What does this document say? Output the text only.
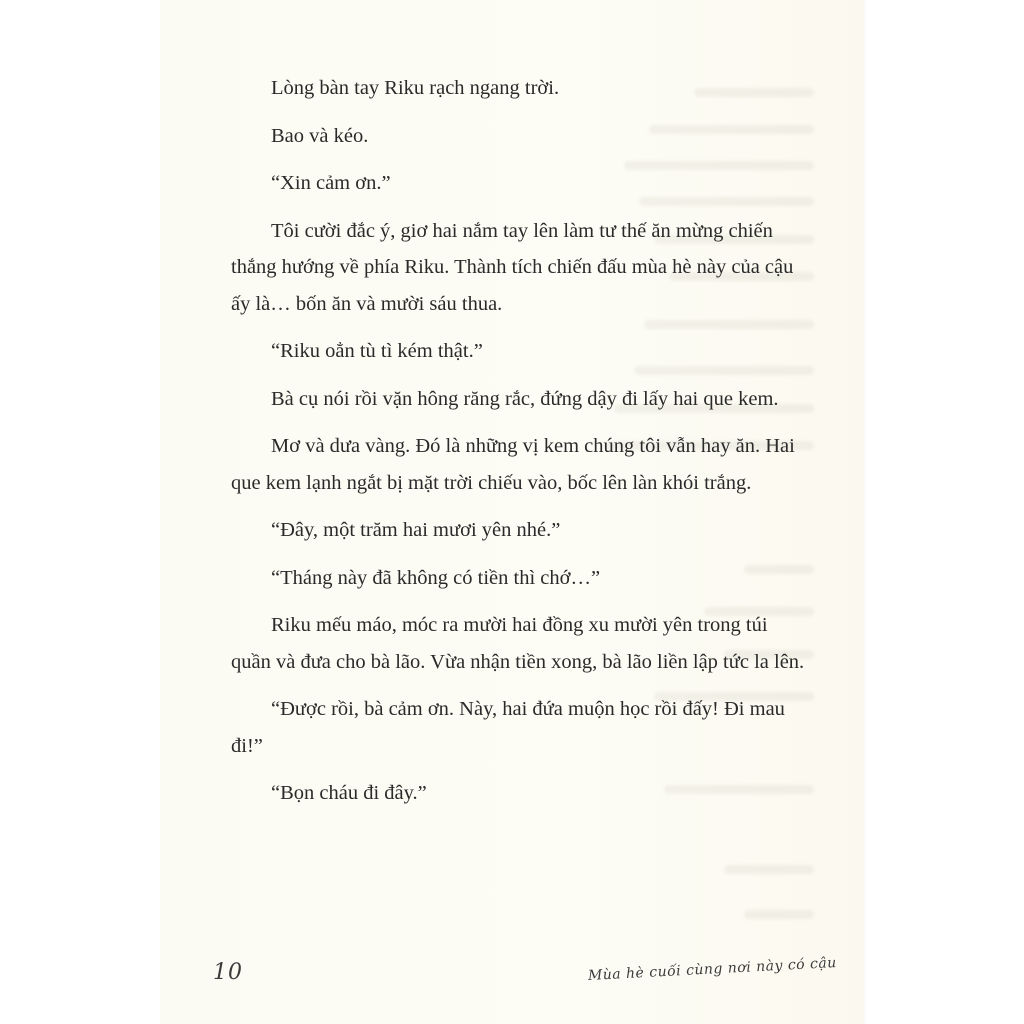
Lòng bàn tay Riku rạch ngang trời.

Bao và kéo.

“Xin cảm ơn.”

Tôi cười đắc ý, giơ hai nắm tay lên làm tư thế ăn mừng chiến thắng hướng về phía Riku. Thành tích chiến đấu mùa hè này của cậu ấy là… bốn ăn và mười sáu thua.

“Riku oẳn tù tì kém thật.”

Bà cụ nói rồi vặn hông răng rắc, đứng dậy đi lấy hai que kem.

Mơ và dưa vàng. Đó là những vị kem chúng tôi vẫn hay ăn. Hai que kem lạnh ngắt bị mặt trời chiếu vào, bốc lên làn khói trắng.

“Đây, một trăm hai mươi yên nhé.”

“Tháng này đã không có tiền thì chớ…”

Riku mếu máo, móc ra mười hai đồng xu mười yên trong túi quần và đưa cho bà lão. Vừa nhận tiền xong, bà lão liền lập tức la lên.

“Được rồi, bà cảm ơn. Này, hai đứa muộn học rồi đấy! Đi mau đi!”

“Bọn cháu đi đây.”

10	Mùa hè cuối cùng nơi này có cậu
